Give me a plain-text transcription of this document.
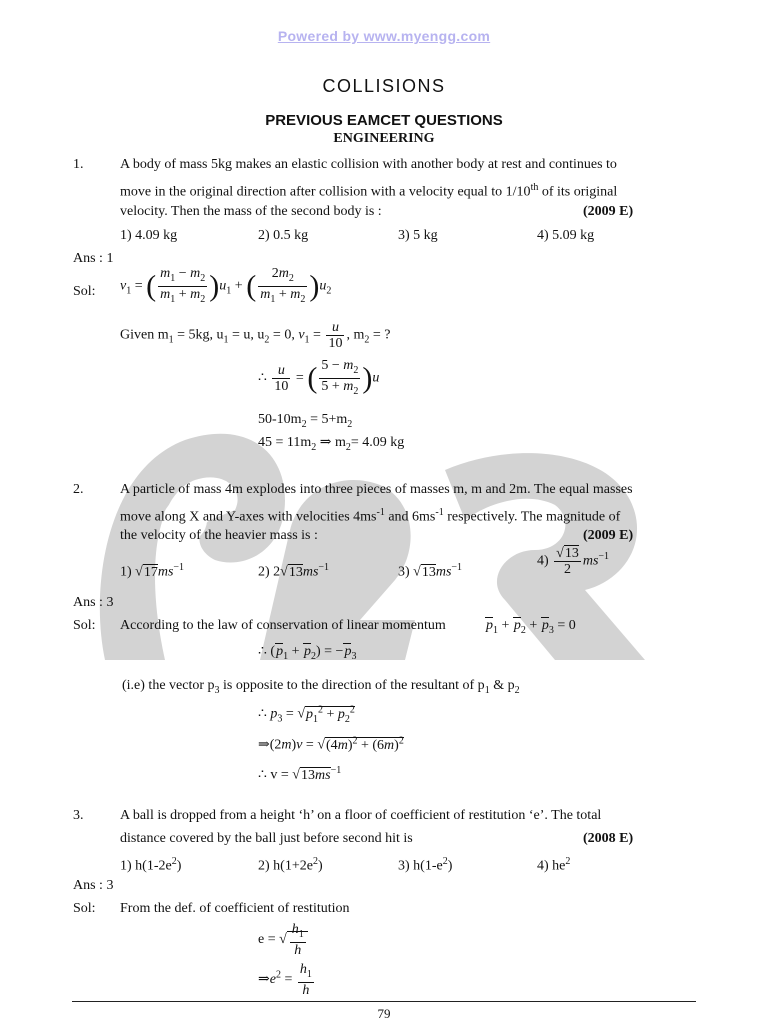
Powered by www.myengg.com
COLLISIONS
PREVIOUS EAMCET QUESTIONS
ENGINEERING
1.	A body of mass 5kg makes an elastic collision with another body at rest and continues to
move in the original direction after collision with a velocity equal to 1/10th of its original
velocity. Then the mass of the second body is :	(2009 E)
1) 4.09 kg	2) 0.5 kg	3) 5 kg	4) 5.09 kg
Ans : 1
Sol: $v_1$ = ( $\frac{m_1 - m_2}{m_1 + m_2} )u_1$ + ( $\frac{2m_2}{m_1 + m_2} )u_2$
Given $m_1 = 5kg$, $u_1 = u$, $u_2 = 0$, $v_1 = \frac{u}{10}$ , $m_2$ = ?
∴ $\frac{u}{10}$ = ( $\frac{5 - m_2}{5 + m_2} )u$
$50-10m_2 = 5+m_2$
$45 = 11m_2$ ⇒ $m_2= 4.09$ kg
2.	A particle of mass 4m explodes into three pieces of masses m, m and 2m. The equal masses
move along X and Y-axes with velocities $4ms^{-1}$ and $6ms^{-1}$ respectively. The magnitude of
the velocity of the heavier mass is :	(2009 E)
1) $√17ms^{-1}$	2) $2√13ms^{-1}$	3) $√13ms^{-1}$	$4) \frac{√13}{2} ms^{-1}$
Ans : 3
Sol: According to the law of conservation of linear momentum	$p_1 + p_2 + p_3 = 0$
∴ $(p_1 + p_2) = -p_3$
(i.e) the vector $p_3$ is opposite to the direction of the resultant of $p_1$ & $p_2$
∴ $p_3 = √p_1^2 + p_2^2$
⇒(2m)v = $√(4m)^2 + (6m)^2$
∴ $v = √13ms^{-1}$
3.	A ball is dropped from a height ‘h’ on a floor of coefficient of restitution ‘e’. The total
distance covered by the ball just before second hit is	(2008 E)
1) $h(1-2e^2)$	2) $h(1+2e^2)$	3) $h(1-e^2)$	4) $he^2$
Ans : 3
Sol: From the def. of coefficient of restitution
e = √ $\frac{h_1}{h}$
$\Rightarrow e^2 = \frac{h_1}{h}$
79
